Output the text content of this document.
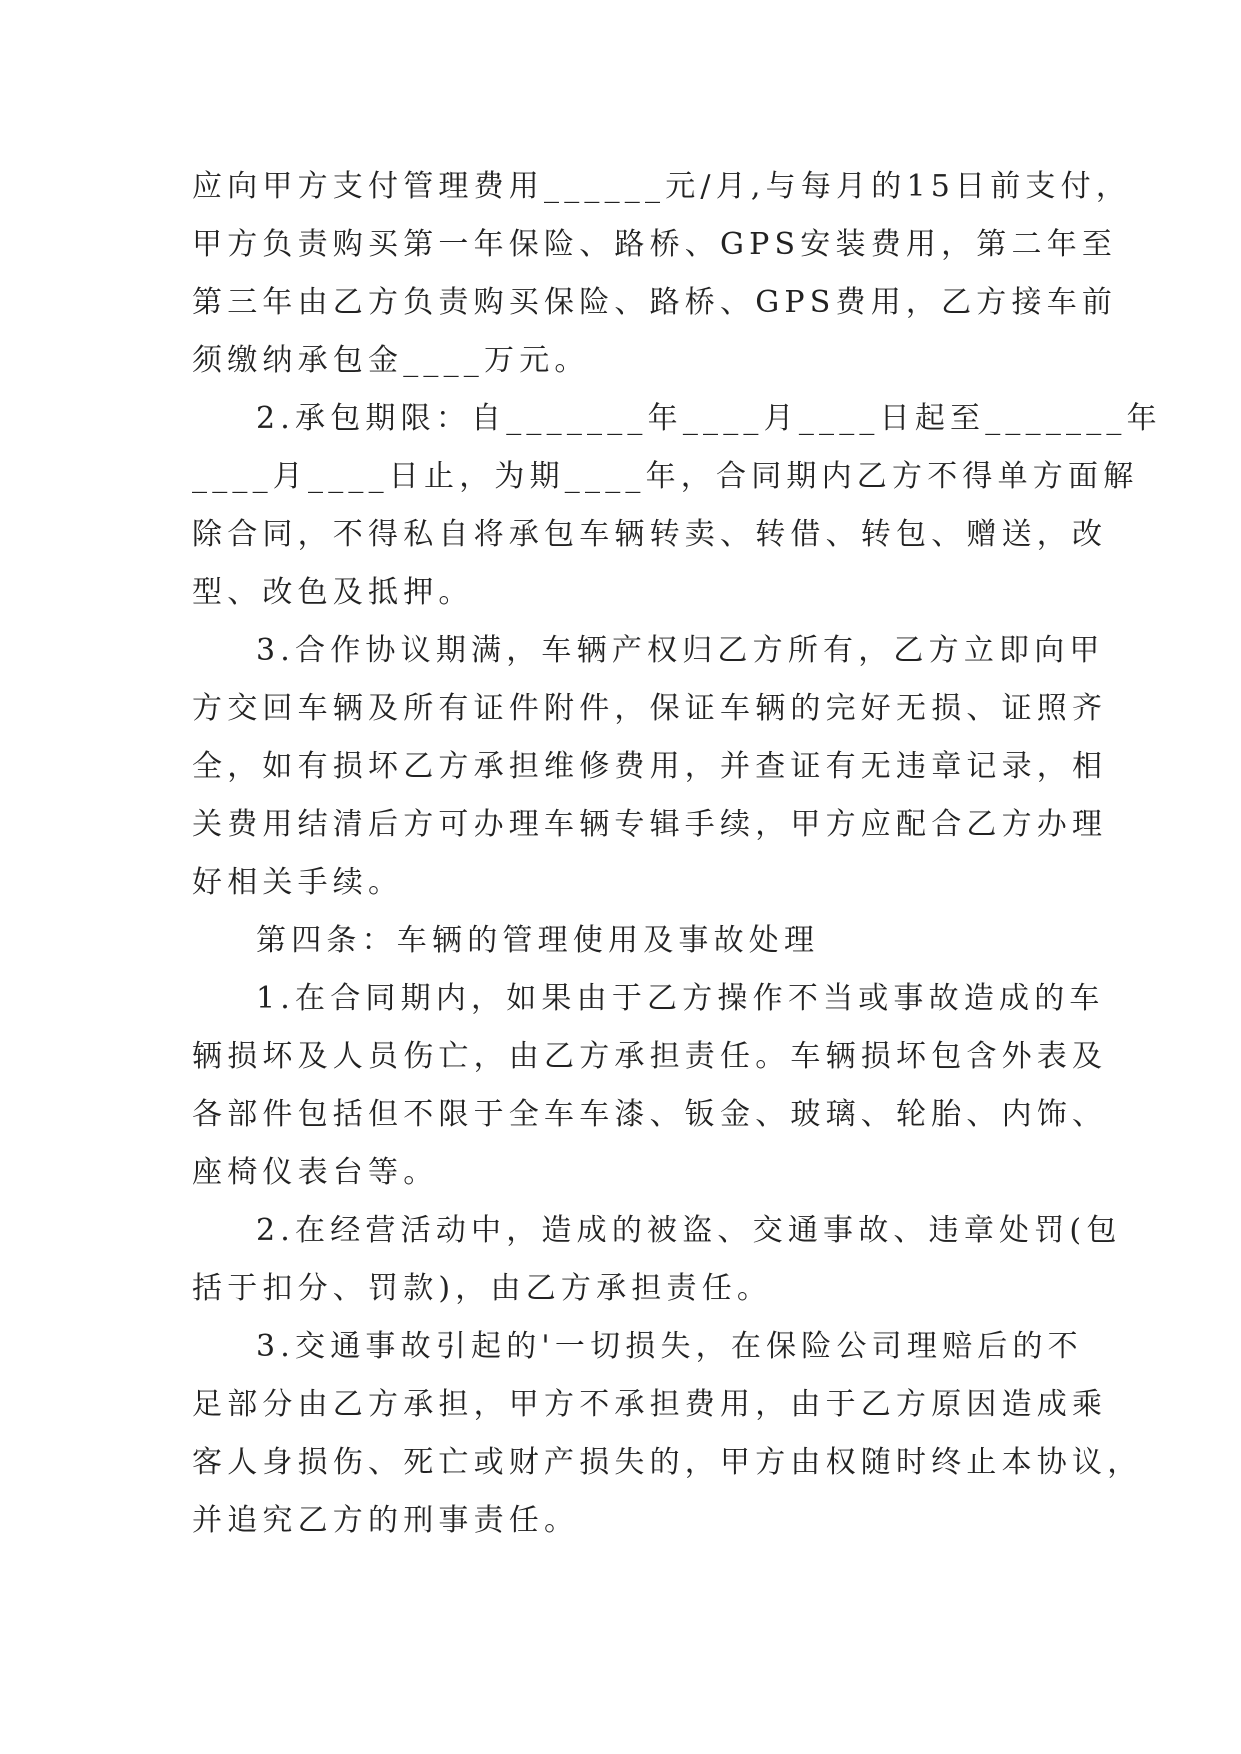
应向甲方支付管理费用______元/月,与每月的15日前支付，
甲方负责购买第一年保险、路桥、GPS安装费用，第二年至
第三年由乙方负责购买保险、路桥、GPS费用，乙方接车前
须缴纳承包金____万元。
2.承包期限：自_______年____月____日起至_______年
____月____日止，为期____年，合同期内乙方不得单方面解
除合同，不得私自将承包车辆转卖、转借、转包、赠送，改
型、改色及抵押。
3.合作协议期满，车辆产权归乙方所有，乙方立即向甲
方交回车辆及所有证件附件，保证车辆的完好无损、证照齐
全，如有损坏乙方承担维修费用，并查证有无违章记录，相
关费用结清后方可办理车辆专辑手续，甲方应配合乙方办理
好相关手续。
第四条：车辆的管理使用及事故处理
1.在合同期内，如果由于乙方操作不当或事故造成的车
辆损坏及人员伤亡，由乙方承担责任。车辆损坏包含外表及
各部件包括但不限于全车车漆、钣金、玻璃、轮胎、内饰、
座椅仪表台等。
2.在经营活动中，造成的被盗、交通事故、违章处罚(包
括于扣分、罚款)，由乙方承担责任。
3.交通事故引起的'一切损失，在保险公司理赔后的不
足部分由乙方承担，甲方不承担费用，由于乙方原因造成乘
客人身损伤、死亡或财产损失的，甲方由权随时终止本协议，
并追究乙方的刑事责任。
